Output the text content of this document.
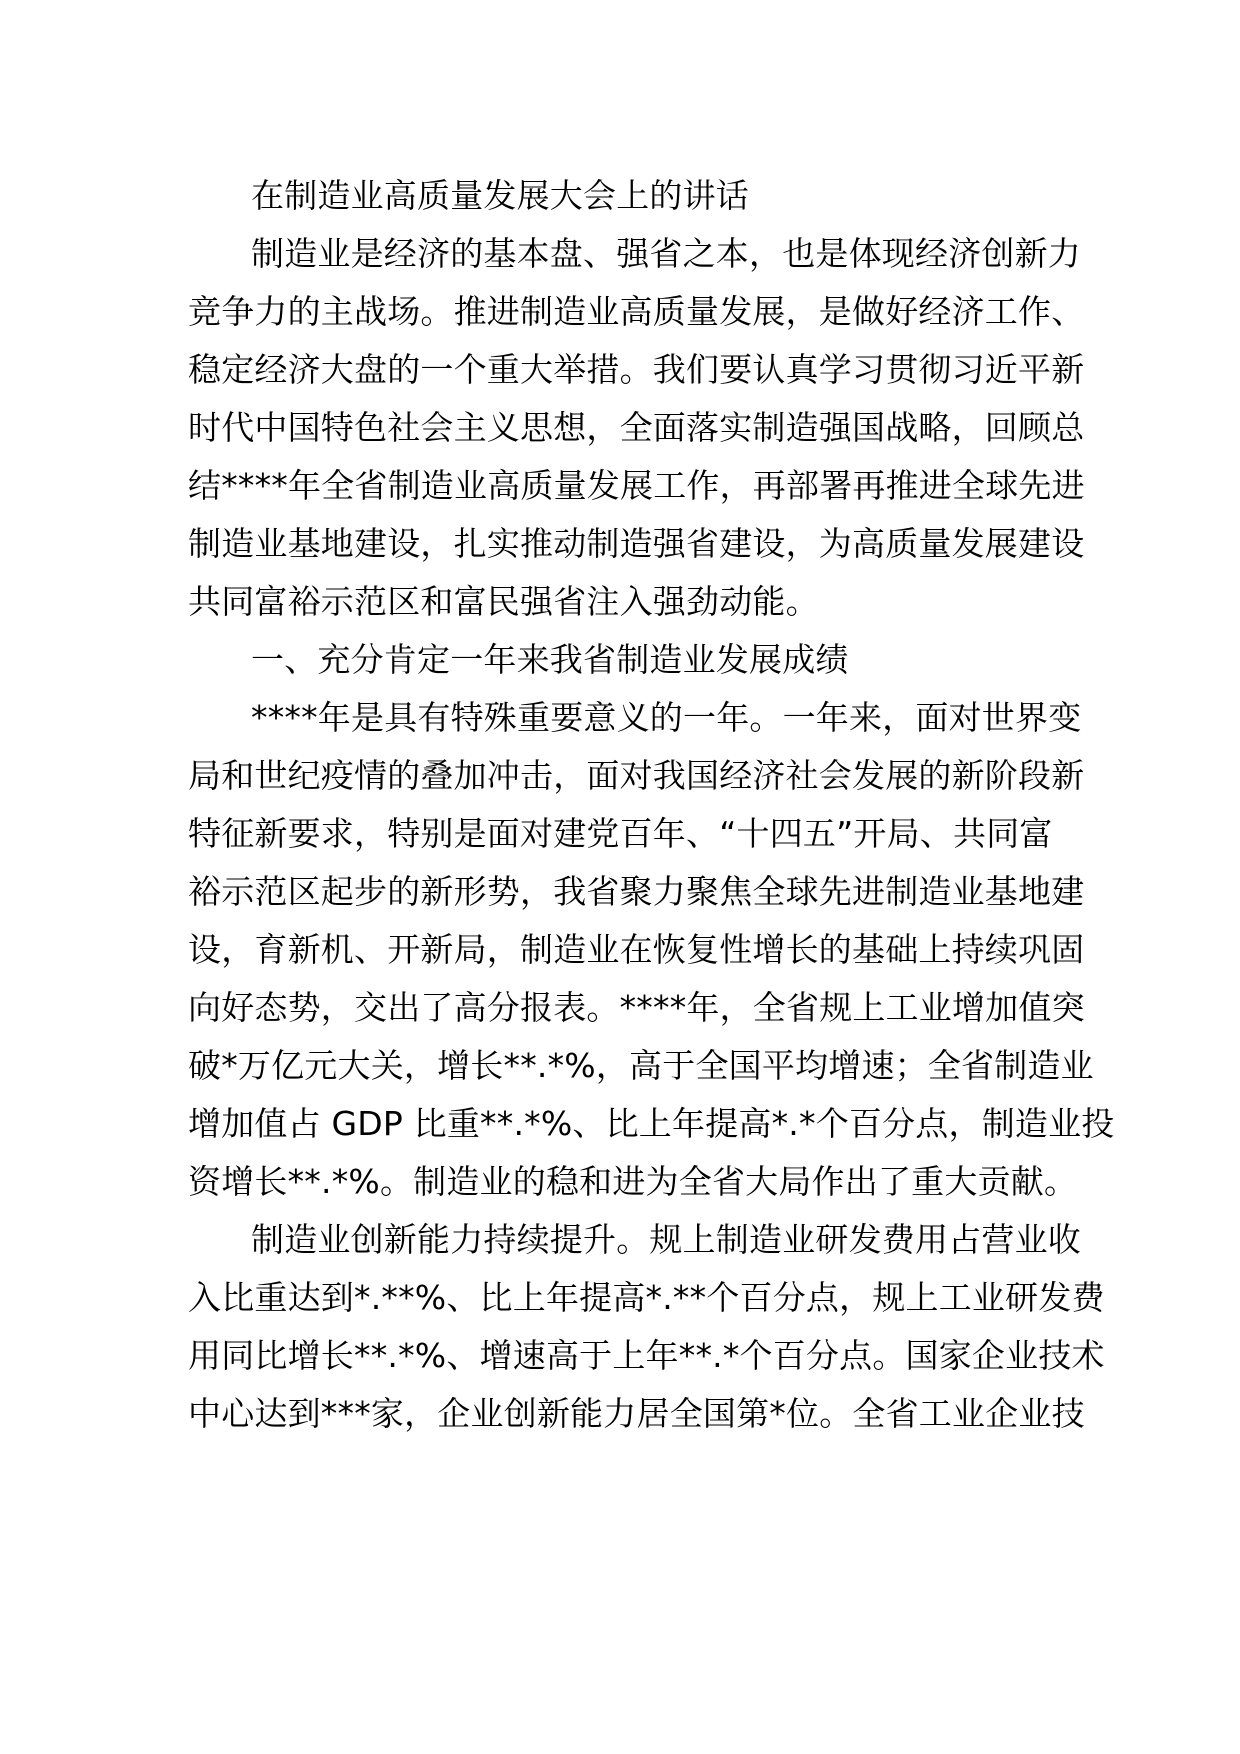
在制造业高质量发展大会上的讲话
制造业是经济的基本盘、强省之本，也是体现经济创新力
竞争力的主战场。推进制造业高质量发展，是做好经济工作、
稳定经济大盘的一个重大举措。我们要认真学习贯彻习近平新
时代中国特色社会主义思想，全面落实制造强国战略，回顾总
结****年全省制造业高质量发展工作，再部署再推进全球先进
制造业基地建设，扎实推动制造强省建设，为高质量发展建设
共同富裕示范区和富民强省注入强劲动能。
一、充分肯定一年来我省制造业发展成绩
****年是具有特殊重要意义的一年。一年来，面对世界变
局和世纪疫情的叠加冲击，面对我国经济社会发展的新阶段新
特征新要求，特别是面对建党百年、“十四五”开局、共同富
裕示范区起步的新形势，我省聚力聚焦全球先进制造业基地建
设，育新机、开新局，制造业在恢复性增长的基础上持续巩固
向好态势，交出了高分报表。****年，全省规上工业增加值突
破*万亿元大关，增长**.*%，高于全国平均增速；全省制造业
增加值占 GDP 比重**.*%、比上年提高*.*个百分点，制造业投
资增长**.*%。制造业的稳和进为全省大局作出了重大贡献。
制造业创新能力持续提升。规上制造业研发费用占营业收
入比重达到*.**%、比上年提高*.**个百分点，规上工业研发费
用同比增长**.*%、增速高于上年**.*个百分点。国家企业技术
中心达到***家，企业创新能力居全国第*位。全省工业企业技
